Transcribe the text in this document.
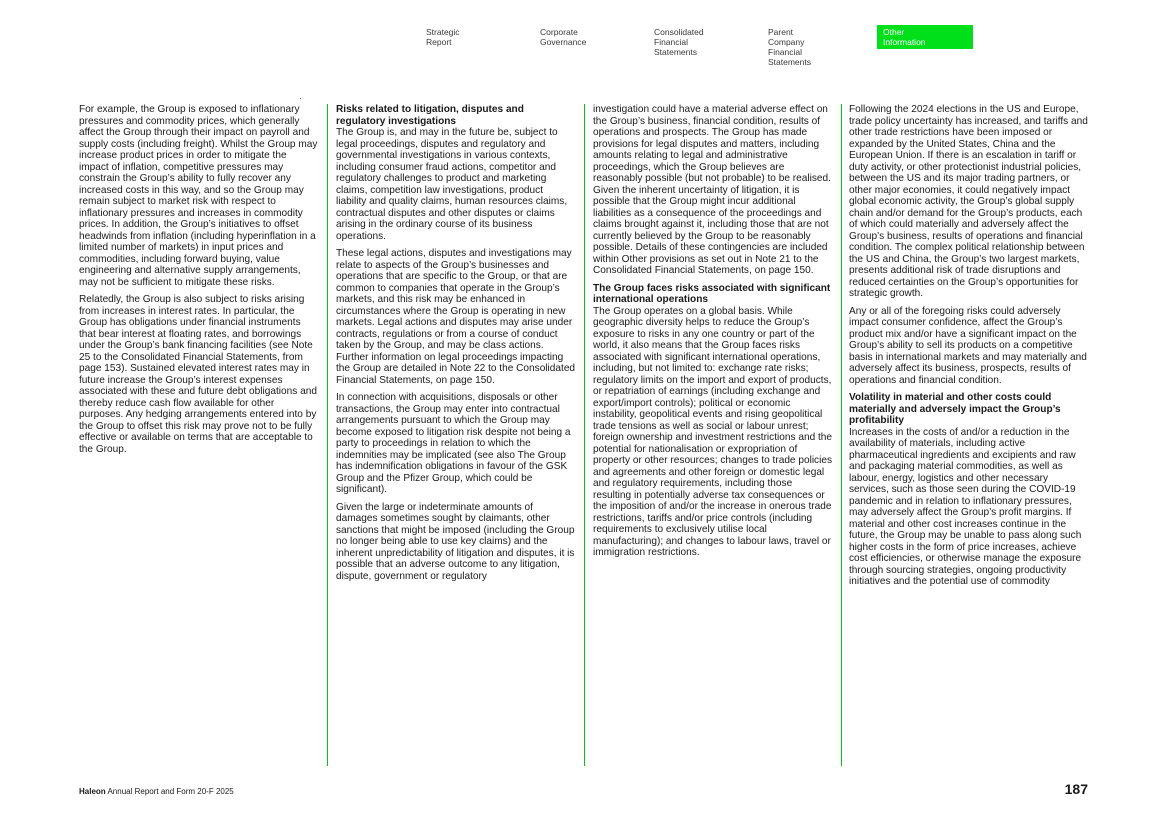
Strategic
Report
Corporate
Governance
Consolidated
Financial Statements
Parent Company
Financial Statements
Other
Information

For example, the Group is exposed to inflationary pressures and commodity prices, which generally affect the Group through their impact on payroll and supply costs (including freight). Whilst the Group may increase product prices in order to mitigate the impact of inflation, competitive pressures may constrain the Group’s ability to fully recover any increased costs in this way, and so the Group may remain subject to market risk with respect to inflationary pressures and increases in commodity prices. In addition, the Group’s initiatives to offset headwinds from inflation (including hyperinflation in a limited number of markets) in input prices and commodities, including forward buying, value engineering and alternative supply arrangements, may not be sufficient to mitigate these risks.

Relatedly, the Group is also subject to risks arising from increases in interest rates. In particular, the Group has obligations under financial instruments that bear interest at floating rates, and borrowings under the Group’s bank financing facilities (see Note 25 to the Consolidated Financial Statements, from page 153). Sustained elevated interest rates may in future increase the Group’s interest expenses associated with these and future debt obligations and thereby reduce cash flow available for other purposes. Any hedging arrangements entered into by the Group to offset this risk may prove not to be fully effective or available on terms that are acceptable to the Group.

Risks related to litigation, disputes and regulatory investigations

The Group is, and may in the future be, subject to legal proceedings, disputes and regulatory and governmental investigations in various contexts, including consumer fraud actions, competitor and regulatory challenges to product and marketing claims, competition law investigations, product liability and quality claims, human resources claims, contractual disputes and other disputes or claims arising in the ordinary course of its business operations.

These legal actions, disputes and investigations may relate to aspects of the Group’s businesses and operations that are specific to the Group, or that are common to companies that operate in the Group’s markets, and this risk may be enhanced in circumstances where the Group is operating in new markets. Legal actions and disputes may arise under contracts, regulations or from a course of conduct taken by the Group, and may be class actions. Further information on legal proceedings impacting the Group are detailed in Note 22 to the Consolidated Financial Statements, on page 150.

In connection with acquisitions, disposals or other transactions, the Group may enter into contractual arrangements pursuant to which the Group may become exposed to litigation risk despite not being a party to proceedings in relation to which the indemnities may be implicated (see also The Group has indemnification obligations in favour of the GSK Group and the Pfizer Group, which could be significant).

Given the large or indeterminate amounts of damages sometimes sought by claimants, other sanctions that might be imposed (including the Group no longer being able to use key claims) and the inherent unpredictability of litigation and disputes, it is possible that an adverse outcome to any litigation, dispute, government or regulatory

investigation could have a material adverse effect on the Group’s business, financial condition, results of operations and prospects. The Group has made provisions for legal disputes and matters, including amounts relating to legal and administrative proceedings, which the Group believes are reasonably possible (but not probable) to be realised. Given the inherent uncertainty of litigation, it is possible that the Group might incur additional liabilities as a consequence of the proceedings and claims brought against it, including those that are not currently believed by the Group to be reasonably possible. Details of these contingencies are included within Other provisions as set out in Note 21 to the Consolidated Financial Statements, on page 150.

The Group faces risks associated with significant international operations

The Group operates on a global basis. While geographic diversity helps to reduce the Group’s exposure to risks in any one country or part of the world, it also means that the Group faces risks associated with significant international operations, including, but not limited to: exchange rate risks; regulatory limits on the import and export of products, or repatriation of earnings (including exchange and export/import controls); political or economic instability, geopolitical events and rising geopolitical trade tensions as well as social or labour unrest; foreign ownership and investment restrictions and the potential for nationalisation or expropriation of property or other resources; changes to trade policies and agreements and other foreign or domestic legal and regulatory requirements, including those resulting in potentially adverse tax consequences or the imposition of and/or the increase in onerous trade restrictions, tariffs and/or price controls (including requirements to exclusively utilise local manufacturing); and changes to labour laws, travel or immigration restrictions.

Following the 2024 elections in the US and Europe, trade policy uncertainty has increased, and tariffs and other trade restrictions have been imposed or expanded by the United States, China and the European Union. If there is an escalation in tariff or duty activity, or other protectionist industrial policies, between the US and its major trading partners, or other major economies, it could negatively impact global economic activity, the Group’s global supply chain and/or demand for the Group’s products, each of which could materially and adversely affect the Group’s business, results of operations and financial condition. The complex political relationship between the US and China, the Group’s two largest markets, presents additional risk of trade disruptions and reduced certainties on the Group’s opportunities for strategic growth.

Any or all of the foregoing risks could adversely impact consumer confidence, affect the Group’s product mix and/or have a significant impact on the Group’s ability to sell its products on a competitive basis in international markets and may materially and adversely affect its business, prospects, results of operations and financial condition.

Volatility in material and other costs could materially and adversely impact the Group’s profitability

Increases in the costs of and/or a reduction in the availability of materials, including active pharmaceutical ingredients and excipients and raw and packaging material commodities, as well as labour, energy, logistics and other necessary services, such as those seen during the COVID-19 pandemic and in relation to inflationary pressures, may adversely affect the Group’s profit margins. If material and other cost increases continue in the future, the Group may be unable to pass along such higher costs in the form of price increases, achieve cost efficiencies, or otherwise manage the exposure through sourcing strategies, ongoing productivity initiatives and the potential use of commodity

Haleon Annual Report and Form 20-F 2025	187
